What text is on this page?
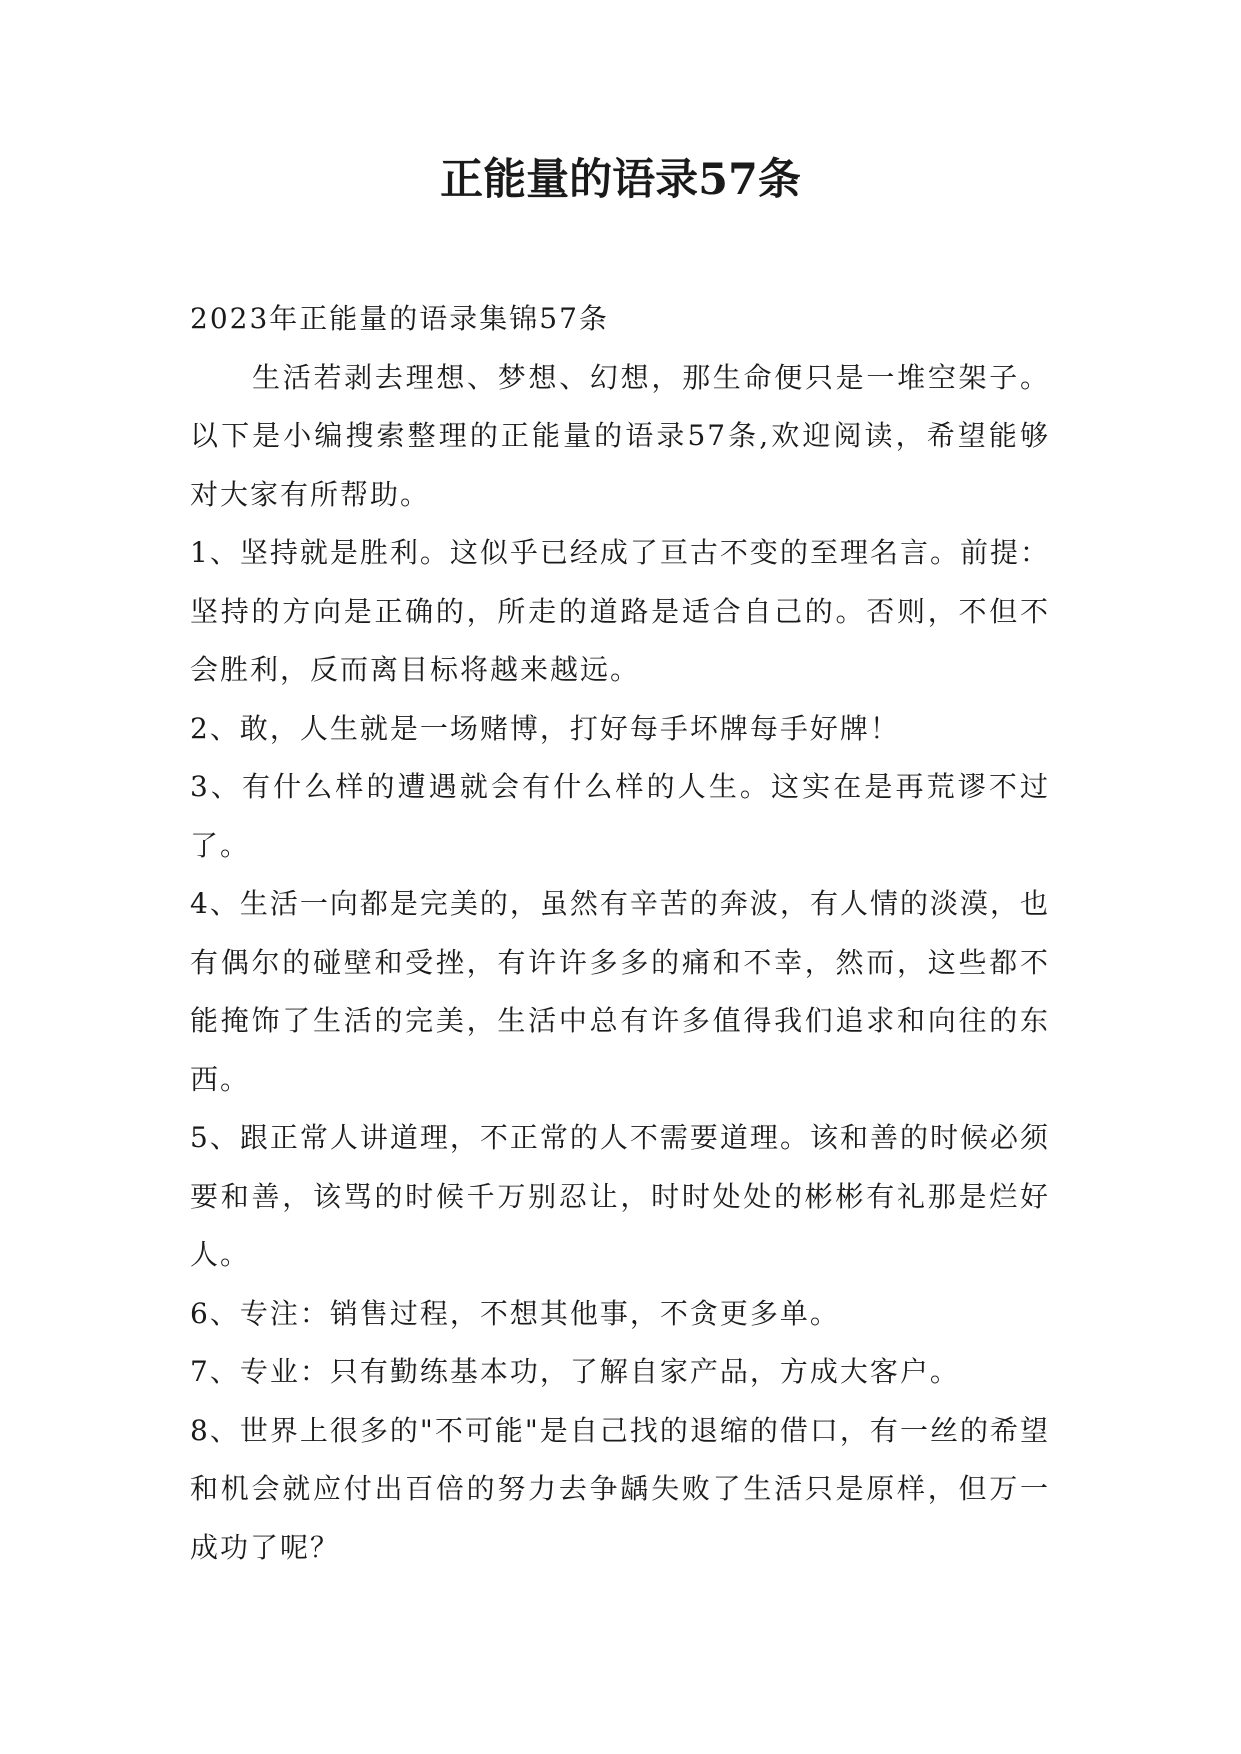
正能量的语录57条

2023年正能量的语录集锦57条

生活若剥去理想、梦想、幻想，那生命便只是一堆空架子。以下是小编搜索整理的正能量的语录57条,欢迎阅读，希望能够对大家有所帮助。

1、坚持就是胜利。这似乎已经成了亘古不变的至理名言。前提：坚持的方向是正确的，所走的道路是适合自己的。否则，不但不会胜利，反而离目标将越来越远。

2、敢，人生就是一场赌博，打好每手坏牌每手好牌！

3、有什么样的遭遇就会有什么样的人生。这实在是再荒谬不过了。

4、生活一向都是完美的，虽然有辛苦的奔波，有人情的淡漠，也有偶尔的碰壁和受挫，有许许多多的痛和不幸，然而，这些都不能掩饰了生活的完美，生活中总有许多值得我们追求和向往的东西。

5、跟正常人讲道理，不正常的人不需要道理。该和善的时候必须要和善，该骂的时候千万别忍让，时时处处的彬彬有礼那是烂好人。

6、专注：销售过程，不想其他事，不贪更多单。

7、专业：只有勤练基本功，了解自家产品，方成大客户。

8、世界上很多的"不可能"是自己找的退缩的借口，有一丝的希望和机会就应付出百倍的努力去争龋失败了生活只是原样，但万一成功了呢？
